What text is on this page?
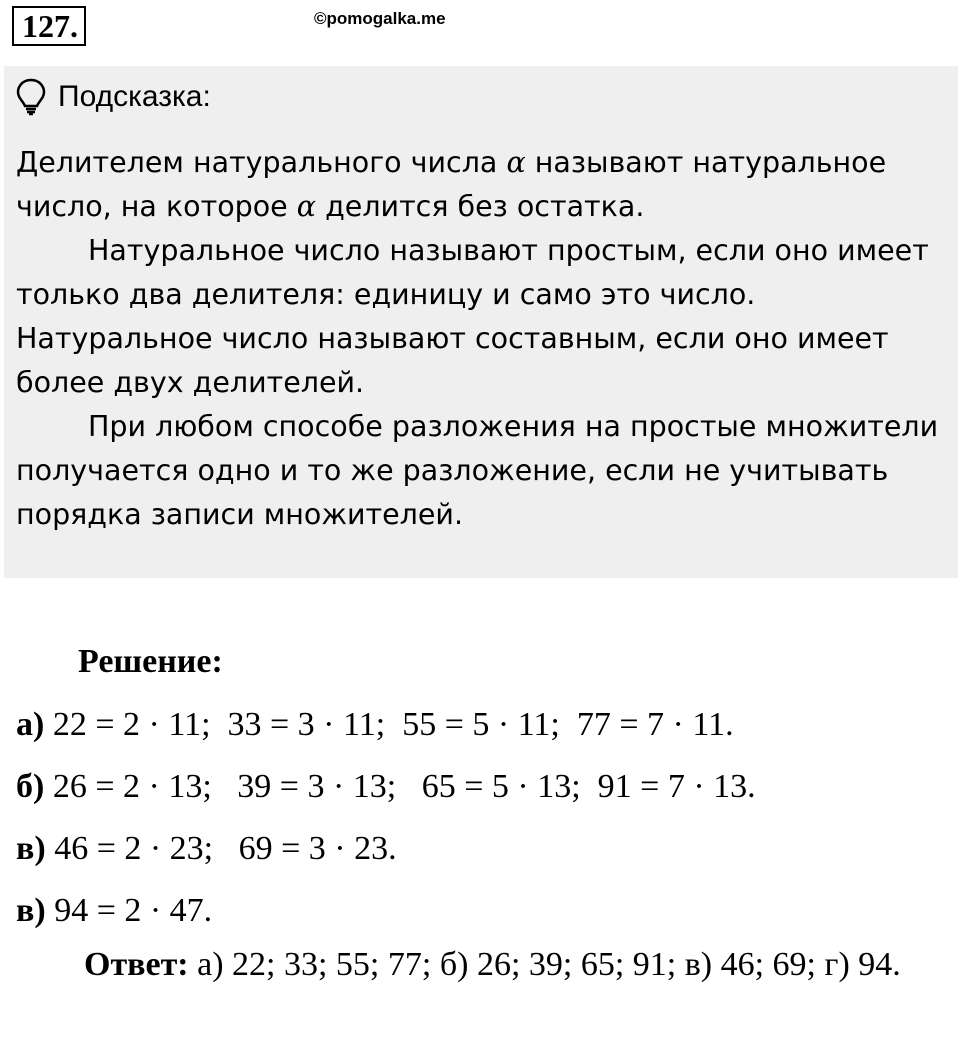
127.	©pomogalka.me
Подсказка:

Делителем натурального числа α называют натуральное число, на которое α делится без остатка.

Натуральное число называют простым, если оно имеет только два делителя: единицу и само это число.

Натуральное число называют составным, если оно имеет более двух делителей.

При любом способе разложения на простые множители получается одно и то же разложение, если не учитывать порядка записи множителей.

Решение:

а) 22 = 2 · 11;  33 = 3 · 11;  55 = 5 · 11;  77 = 7 · 11.
б) 26 = 2 · 13;   39 = 3 · 13;   65 = 5 · 13;  91 = 7 · 13.
в) 46 = 2 · 23;   69 = 3 · 23.
в) 94 = 2 · 47.

Ответ: а) 22; 33; 55; 77; б) 26; 39; 65; 91; в) 46; 69; г) 94.
